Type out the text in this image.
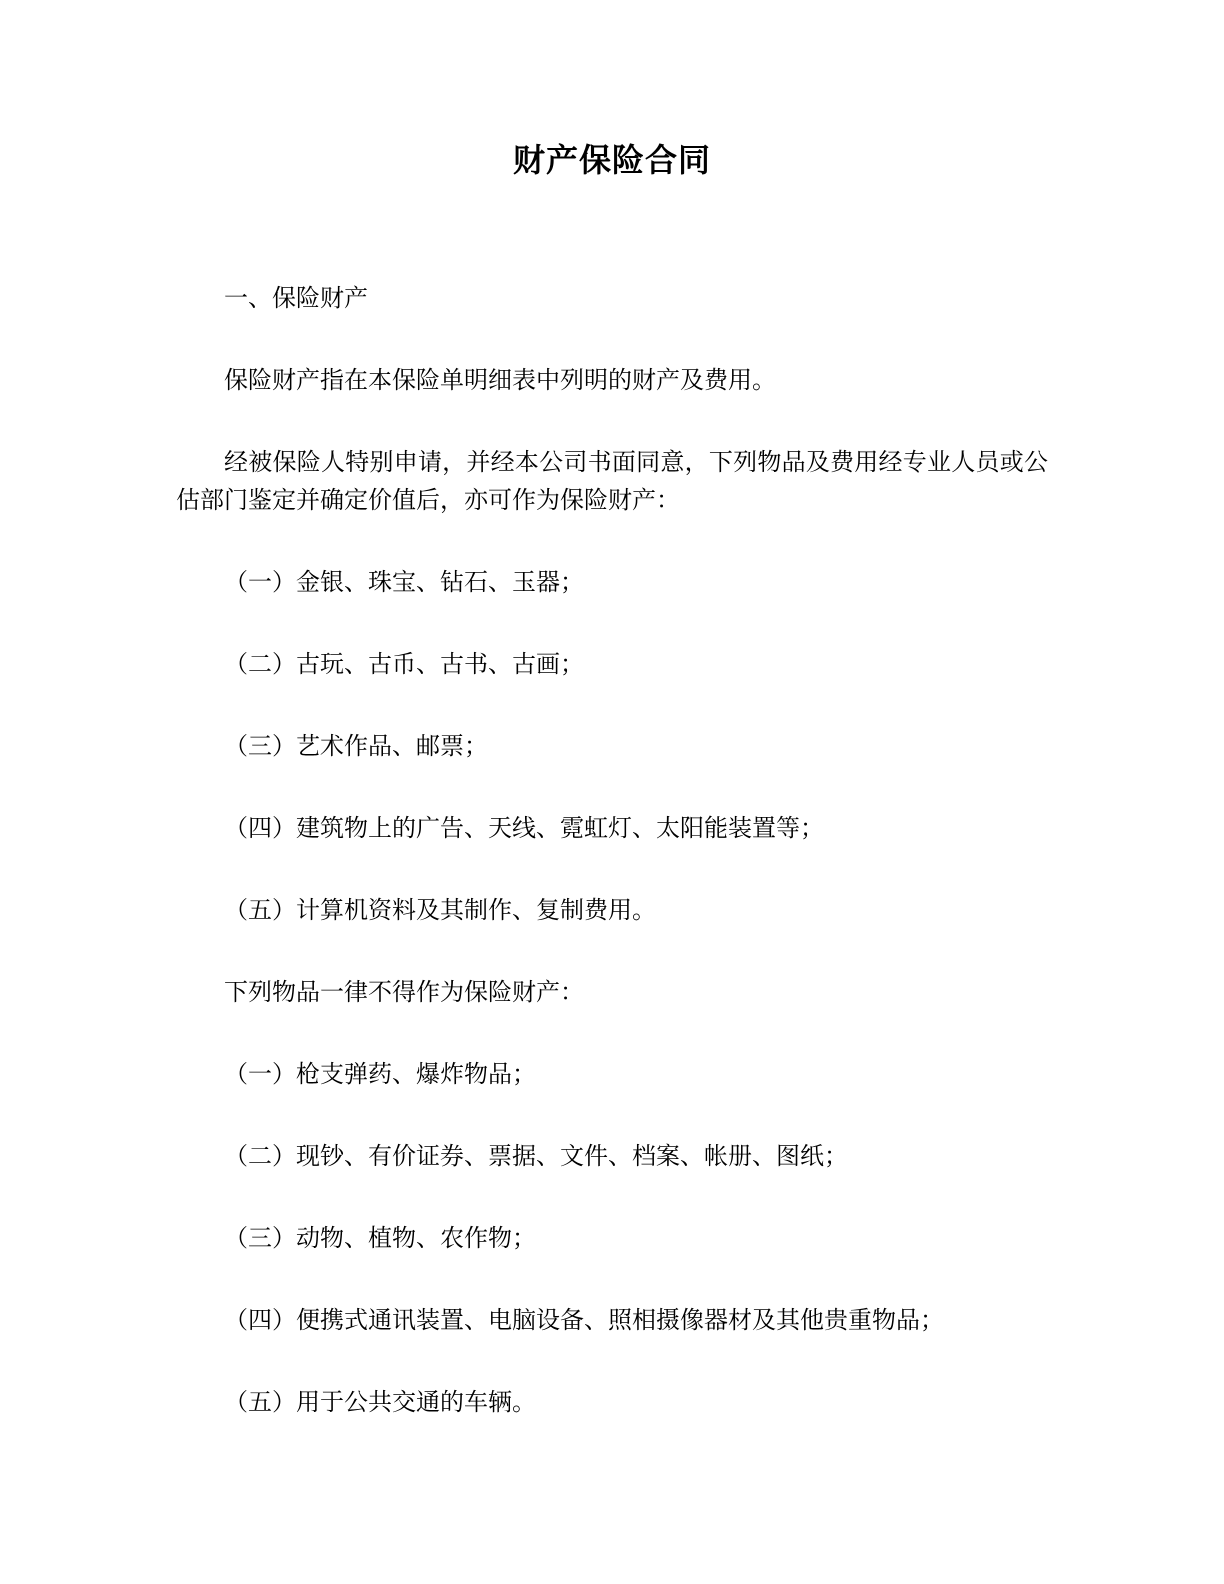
财产保险合同

一、保险财产

保险财产指在本保险单明细表中列明的财产及费用。

经被保险人特别申请，并经本公司书面同意，下列物品及费用经专业人员或公估部门鉴定并确定价值后，亦可作为保险财产：

（一）金银、珠宝、钻石、玉器；

（二）古玩、古币、古书、古画；

（三）艺术作品、邮票；

（四）建筑物上的广告、天线、霓虹灯、太阳能装置等；

（五）计算机资料及其制作、复制费用。

下列物品一律不得作为保险财产：

（一）枪支弹药、爆炸物品；

（二）现钞、有价证券、票据、文件、档案、帐册、图纸；

（三）动物、植物、农作物；

（四）便携式通讯装置、电脑设备、照相摄像器材及其他贵重物品；

（五）用于公共交通的车辆。
